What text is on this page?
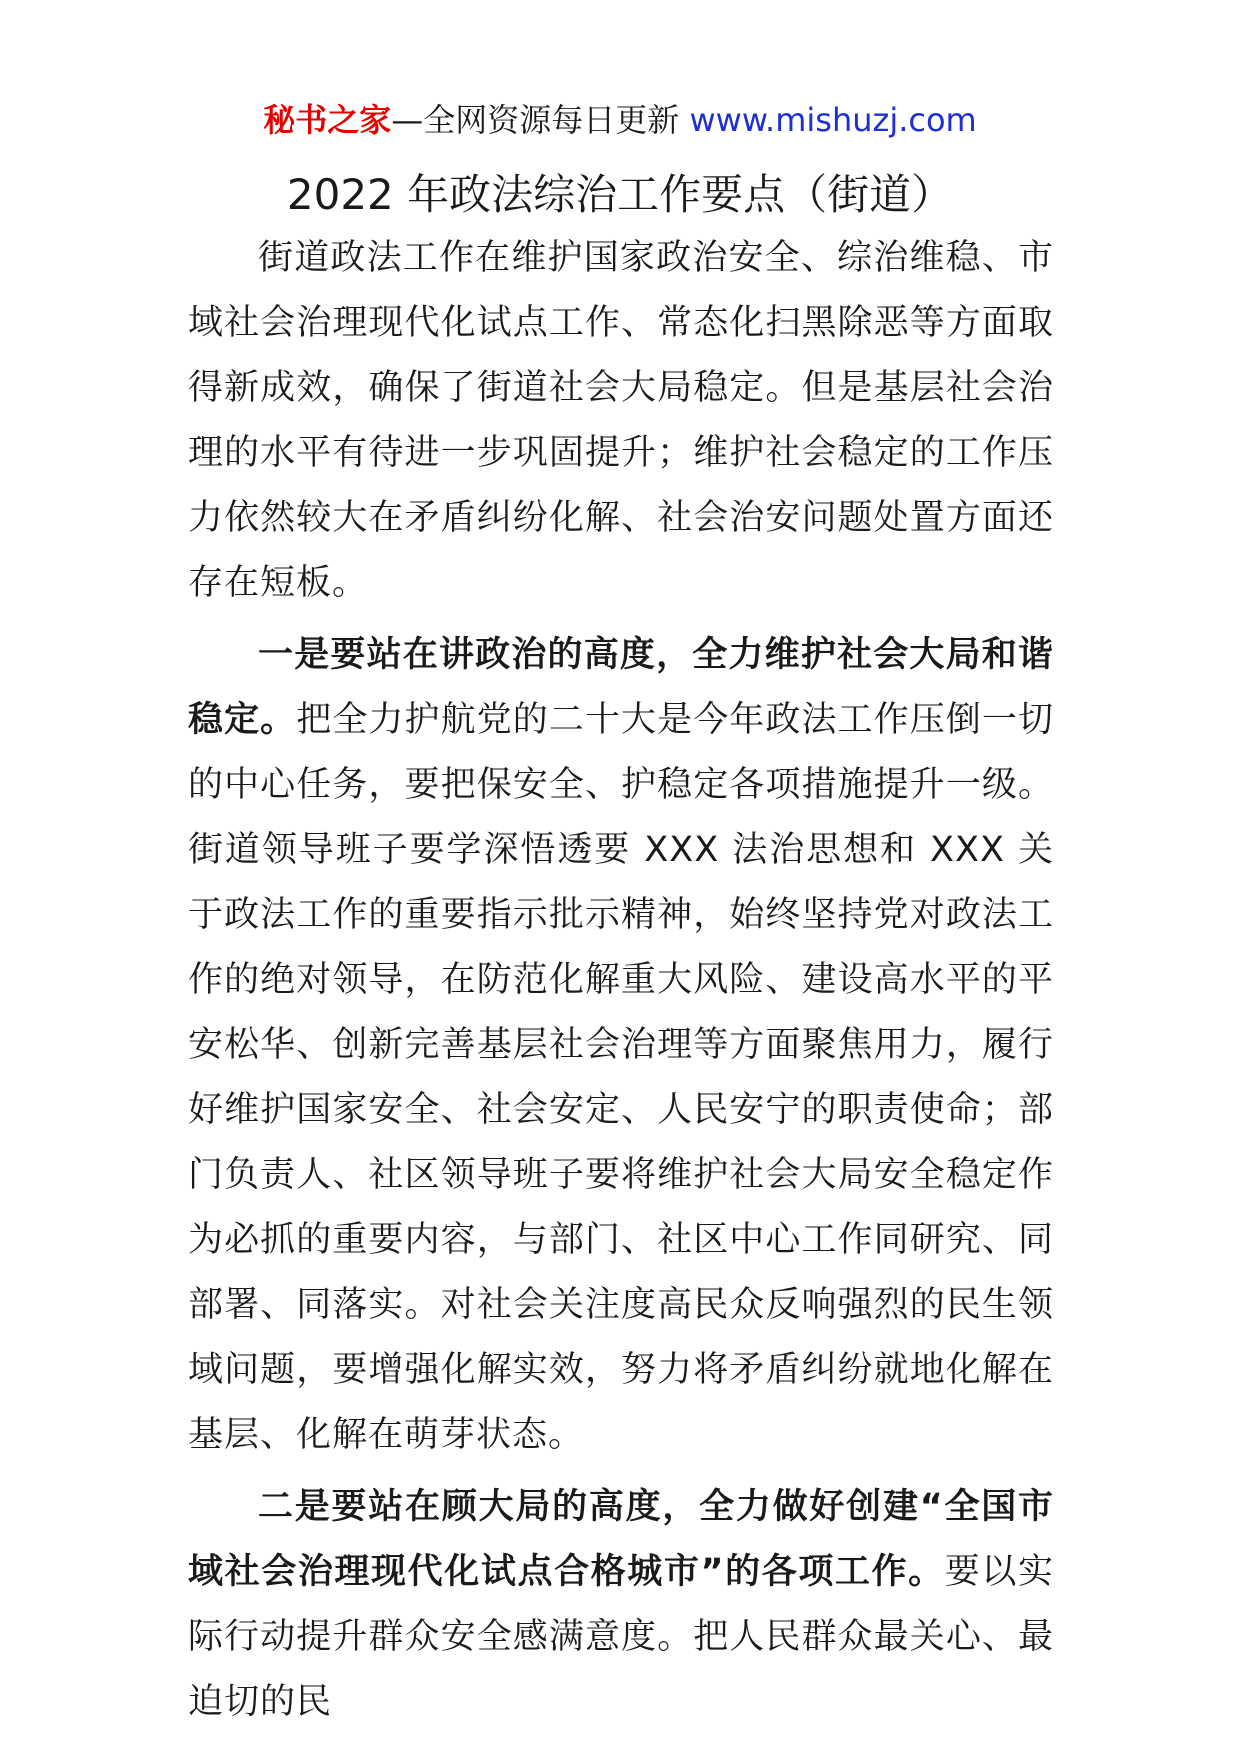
秘书之家—全网资源每日更新 www.mishuzj.com
2022 年政法综治工作要点（街道）

街道政法工作在维护国家政治安全、综治维稳、市域社会治理现代化试点工作、常态化扫黑除恶等方面取得新成效，确保了街道社会大局稳定。但是基层社会治理的水平有待进一步巩固提升；维护社会稳定的工作压力依然较大在矛盾纠纷化解、社会治安问题处置方面还存在短板。

一是要站在讲政治的高度，全力维护社会大局和谐稳定。把全力护航党的二十大是今年政法工作压倒一切的中心任务，要把保安全、护稳定各项措施提升一级。街道领导班子要学深悟透要 XXX 法治思想和 XXX 关于政法工作的重要指示批示精神，始终坚持党对政法工作的绝对领导，在防范化解重大风险、建设高水平的平安松华、创新完善基层社会治理等方面聚焦用力，履行好维护国家安全、社会安定、人民安宁的职责使命；部门负责人、社区领导班子要将维护社会大局安全稳定作为必抓的重要内容，与部门、社区中心工作同研究、同部署、同落实。对社会关注度高民众反响强烈的民生领域问题，要增强化解实效，努力将矛盾纠纷就地化解在基层、化解在萌芽状态。

二是要站在顾大局的高度，全力做好创建“全国市域社会治理现代化试点合格城市”的各项工作。要以实际行动提升群众安全感满意度。把人民群众最关心、最迫切的民
